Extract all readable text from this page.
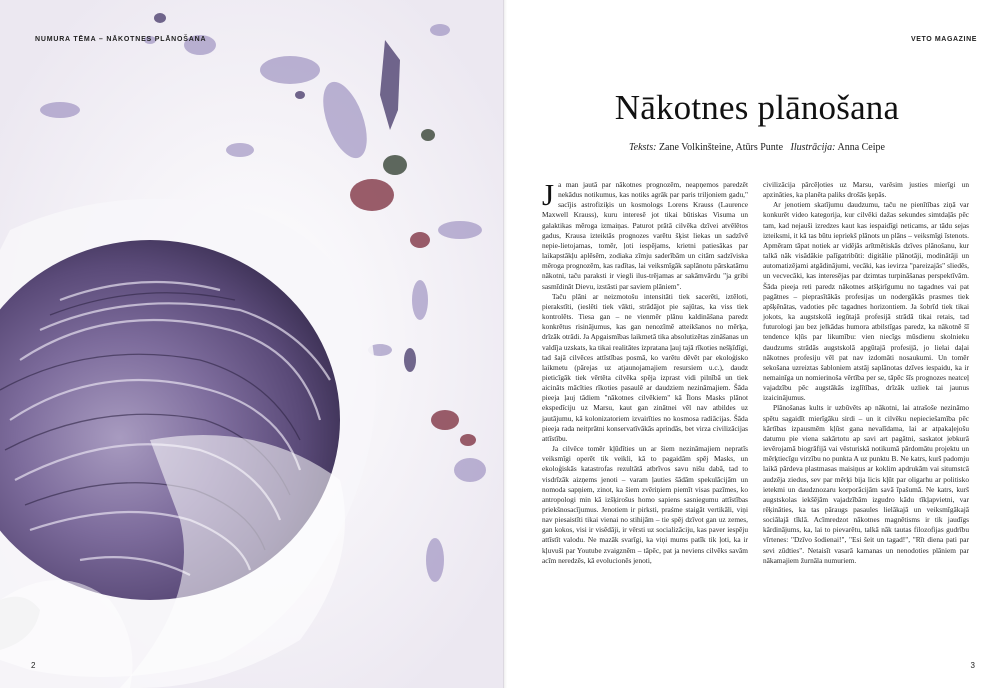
NUMURA TĒMA – NĀKOTNES PLĀNOŠANA
2
VETO MAGAZINE
Nākotnes plānošana
Teksts: Zane Volkinšteine, Atūrs Punte Ilustrācija: Anna Ceipe

Ja man jautā par nākotnes prognozēm, neapņemos paredzēt nekādus notikumus, kas notiks agrāk par paris triljoniem gadu," sacījis astrofiziķis un kosmologs Lorens Krauss (Laurence Maxwell Krauss), kuru interesē jot tikai būtiskas Visuma un galaktikas mēroga izmaiņas. Paturot prātā cilvēka dzīvei atvēlētos gadus, Krausa izteiktās prognozes varētu šķist liekas un sadzīvē nepie-lietojamas, tomēr, ļoti iespējams, krietni patiesākas par laikapstākļu aplēsēm, zodiaka zīmju saderībām un citām sadzīviska mēroga prognozēm, kas radītas, lai veiksmīgāk saplānotu pārskatāmu nākotni, taču paraksti ir viegli ilus-trējamas ar sakāmvārdu "ja gribi sasmīdināt Dievu, izstāsti par saviem plāniem".

Taču plāni ar neizmotošu intensitāti tiek sacerēti, iztēloti, pierakstīti, (ieslēti tiek vākti, strādājot pie sajūtas, ka viss tiek kontrolēts. Tiesa gan – ne vienmēr plānu kaldināšana paredz konkrētus risinājumus, kas gan nenozīmē atteikšanos no mērķa, drīzāk otrādi. Ja Apgaismības laikmetā tika absolutizētas zināšanas un valdīja uzskats, ka tikai realitātes izpratana ļauj tajā rīkoties nešķīdīgi, tad šajā cilvēces attīstības posmā, ko varētu dēvēt par ekoloģisko laikmetu (pārejas uz atjaunojamajiem resursiem u.c.), daudz pieticīgāk tiek vērtēta cilvēka spēja izprast vidi pilnībā un tiek aicināts mācīties rīkoties pasaulē ar daudziem nezināmajiem. Šāda pieeja ļauj tādiem "nākotnes cilvēkiem" kā Īlons Masks plānot ekspedīciju uz Marsu, kaut gan zinātnei vēl nav atbildes uz jautājumu, kā kolonizatoriem izvairīties no kosmosa radiācijas. Šāda pieeja rada neitprātni konservatīvākās aprindās, bet virza civilizācijas attīstību.

Ja cilvēce tomēr kļūdīties un ar šiem nezināmajiem nepratīs veiksmīgi operēt tik veikli, kā to pagaidām spēj Masks, un ekoloģiskās katastrofas rezultātā atbrīvos savu nišu dabā, tad to visdrīzāk aizņems jenoti – varam ļauties šādām spekulācijām un nomoda sapņiem, zinot, ka šiem zvēriņiem piemīt visas pazīmes, ko antropologi min kā izšķirošus homo sapiens sasniegumu attīstības priekšnosacījumus. Jenotiem ir pirksti, praśme staigāt vertikāli, viņi nav piesaistīti tikai vienai no stihijām – tie spēj dzīvot gan uz zemes, gan kokos, visi ir visēdāji, ir vērsti uz socializāciju, kas paver iespēju attīstīt valodu. Ne mazāk svarīgi, ka viņi mums patīk tik ļoti, ka ir kļuvuši par Youtube zvaigznēm – tāpēc, pat ja neviens cilvēks savām acīm neredzēs, kā evolucionēs jenoti,

civilizācija pārcēļoties uz Marsu, varēsim justies mierīgi un apzināties, ka planēta paliks drošās ķepās.

Ar jenotiem skatījumu daudzumu, taču ne pienītības ziņā var konkurēt video kategorija, kur cilvēki dažas sekundes simtdaļās pēc tam, kad nejauši izredzes kaut kas iespaidīgi neticams, ar tādu sejas izteiksmi, it kā tas būtu iepriekš plānots un plāns – veiksmīgi īstenots. Apmēram tāpat notiek ar vidējās arītmētiskās dzīves plānošanu, kur talkā nāk visādākie palīgatribūti: digitālie plānotāji, modinātāji un automatizējami atgādinājumi, vecāki, kas ievirza "pareizajās" sliedēs, un vecvecāki, kas interesējas par dzimtas turpināšanas perspektīvām. Šāda pieeja reti paredz nākotnes atšķirīgumu no tagadnes vai pat pagātnes – pieprasītākās profesijas un nodergākās prasmes tiek apšķēnātas, vadoties pēc tagadnes horizontiem. Ja šobrīd tiek tikai jokots, ka augstskolā iegūtajā profesijā strādā tikai retais, tad futurologi jau bez jelkādas humora atbilstīgas paredz, ka nākotnē šī tendence kļūs par likumību: vien niecīgs mūsdienu skolnieku daudzums strādās augstskolā apgūtajā profesijā, jo lielai daļai nākotnes profesiju vēl pat nav izdomāti nosaukumi. Un tomēr sekošana uzreiztas šabloniem atstāj saplānotas dzīves iespaidu, ka ir nemainīga un nomierinoša vērtība per se, tāpēc šīs prognozes neatceļ vajadzību pēc augstākās izglītības, drīzāk uzliek tai jaunus izaicinājumus.

Plānošanas kults ir uzbūvēts ap nākotni, lai atrašoše nezināmo spētu sagaidīt mierīgāku sirdi – un it cilvēku nepieciešamība pēc kārtības izpausmēm kļūst gana nevalīdama, lai ar atpakaļejošu datumu pie viena sakārtotu ap savi art pagātni, saskatot jebkurā ievērojamā biogrāfijā vai vēsturiskā notikumā pārdomātu projektu un mērķtiecīgu virzību no punkta A uz punktu B. Ne katrs, kurš padomju laikā pārdeva plastmasas maisiņus ar koklim apdrukām vai situmstcā audzēja ziedus, sev par mērķi bija licis kļūt par oligarhu ar politisko ietekmi un daudznozaru korporācijām savā īpašumā. Ne katrs, kurš augstskolas iekšējām vajadzībām izgudro kādu tīkļapvietni, var rēķināties, ka tas pāraugs pasaules lielākajā un veiksmīgākajā sociālajā tīklā. Acīmredzot nākotnes magnētisms ir tik jaudīgs kārdinājums, ka, lai to pievarētu, talkā nāk tautas filozofijas gudrību vīrtenes: "Dzīvo šodienai!", "Esi šeit un tagad!", "Rīt diena pati par sevi zūdties". Netaisīt vasarā kamanas un nenodoties plāniem par nākamajiem žurnāla numuriem.

3
